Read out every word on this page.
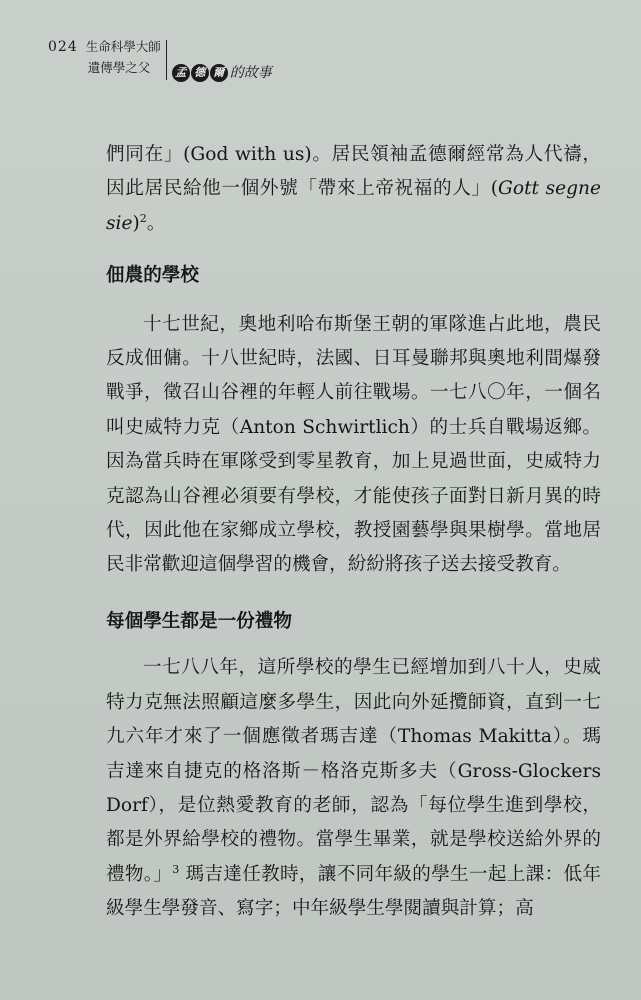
024 生命科學大師
遺傳學之父	孟 德 爾 的故事

們同在」(God with us)。居民領袖孟德爾經常為人代禱，因此居民給他一個外號「帶來上帝祝福的人」(Gott segne sie)$^2$。

佃農的學校

十七世紀，奧地利哈布斯堡王朝的軍隊進占此地，農民反成佃傭。十八世紀時，法國、日耳曼聯邦與奧地利間爆發戰爭，徵召山谷裡的年輕人前往戰場。一七八〇年，一個名叫史威特力克（Anton Schwirtlich）的士兵自戰場返鄉。因為當兵時在軍隊受到零星教育，加上見過世面，史威特力克認為山谷裡必須要有學校，才能使孩子面對日新月異的時代，因此他在家鄉成立學校，教授園藝學與果樹學。當地居民非常歡迎這個學習的機會，紛紛將孩子送去接受教育。

每個學生都是一份禮物

一七八八年，這所學校的學生已經增加到八十人，史威特力克無法照顧這麼多學生，因此向外延攬師資，直到一七九六年才來了一個應徵者瑪吉達（Thomas Makitta）。瑪吉達來自捷克的格洛斯－格洛克斯多夫（Gross-Glockers Dorf），是位熱愛教育的老師，認為「每位學生進到學校，都是外界給學校的禮物。當學生畢業，就是學校送給外界的禮物。」$^3$ 瑪吉達任教時，讓不同年級的學生一起上課：低年級學生學發音、寫字；中年級學生學閱讀與計算；高
